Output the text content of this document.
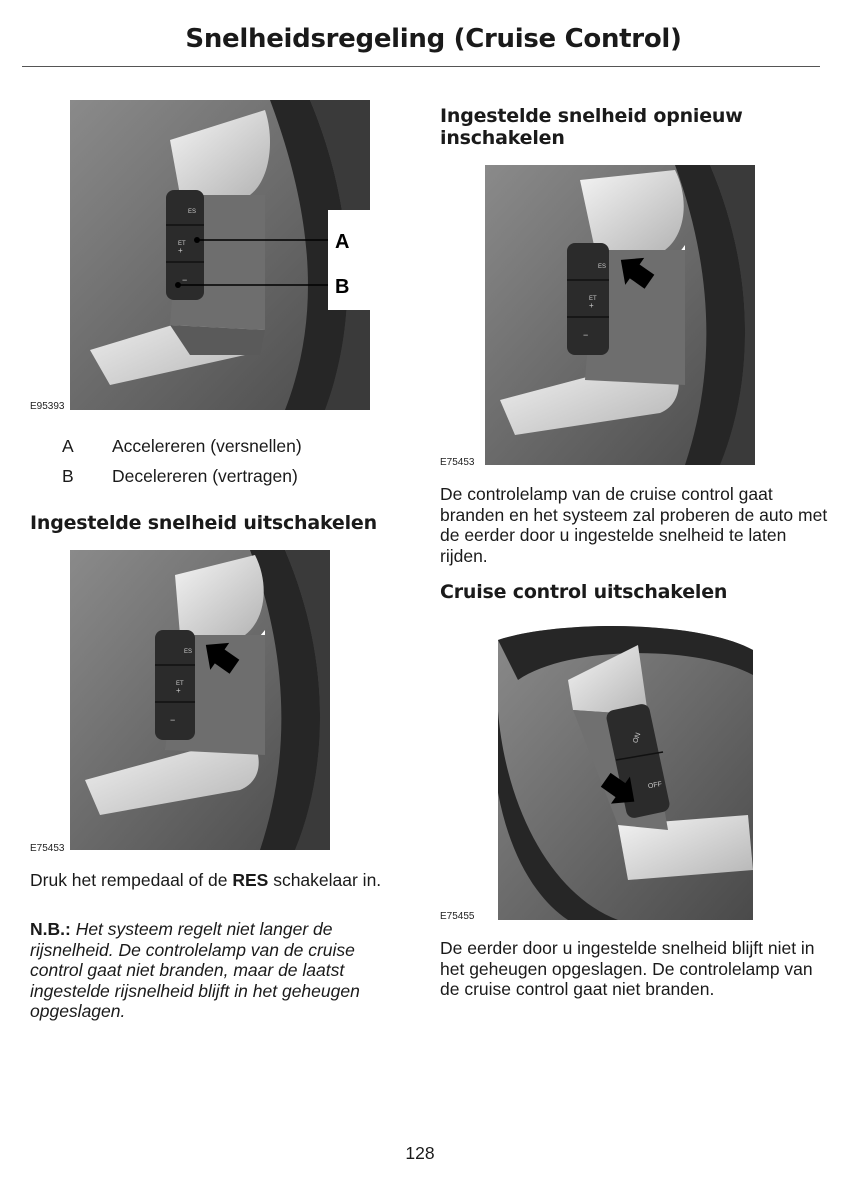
Snelheidsregeling (Cruise Control)
ES
ET
+
−
A
B
E95393
A Accelereren (versnellen)
B Decelereren (vertragen)
Ingestelde snelheid uitschakelen
ES
ET
+
−
E75453
Druk het rempedaal of de RES schakelaar in.
N.B.: Het systeem regelt niet langer de rijsnelheid. De controlelamp van de cruise control gaat niet branden, maar de laatst ingestelde rijsnelheid blijft in het geheugen opgeslagen.
Ingestelde snelheid opnieuw inschakelen
ES
ET
+
−
E75453
De controlelamp van de cruise control gaat branden en het systeem zal proberen de auto met de eerder door u ingestelde snelheid te laten rijden.
Cruise control uitschakelen
ON
OFF
E75455
De eerder door u ingestelde snelheid blijft niet in het geheugen opgeslagen. De controlelamp van de cruise control gaat niet branden.
128
